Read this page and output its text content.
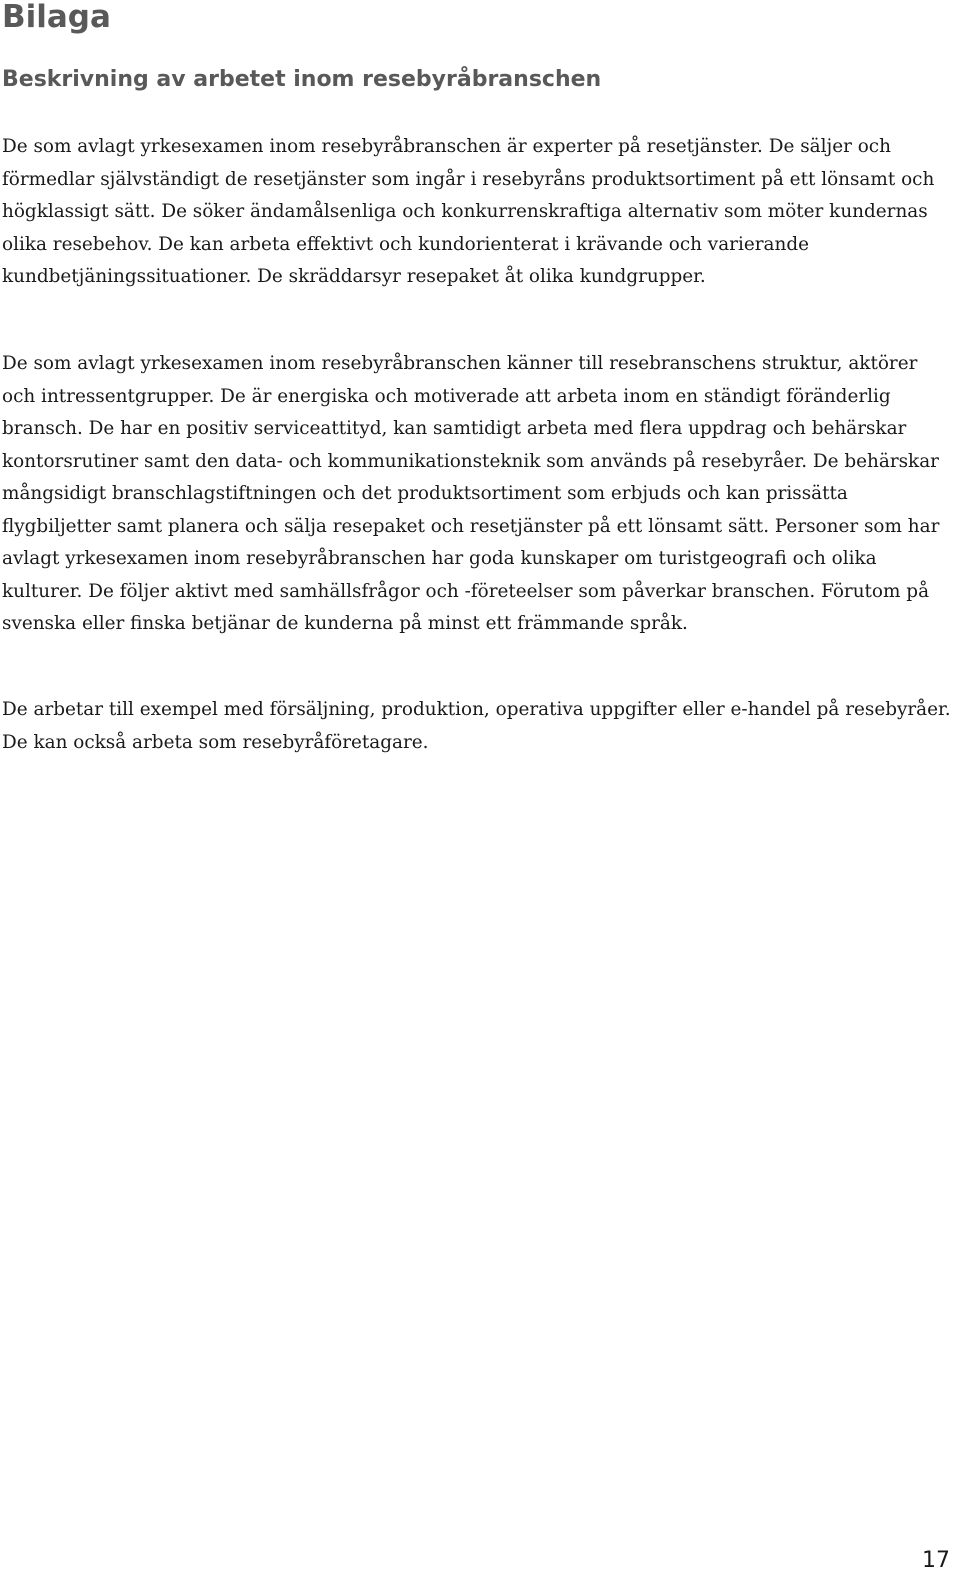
Bilaga
Beskrivning av arbetet inom resebyråbranschen

De som avlagt yrkesexamen inom resebyråbranschen är experter på resetjänster. De säljer och förmedlar självständigt de resetjänster som ingår i resebyråns produktsortiment på ett lönsamt och högklassigt sätt. De söker ändamålsenliga och konkurrenskraftiga alternativ som möter kundernas olika resebehov. De kan arbeta effektivt och kundorienterat i krävande och varierande kundbetjäningssituationer. De skräddarsyr resepaket åt olika kundgrupper.

De som avlagt yrkesexamen inom resebyråbranschen känner till resebranschens struktur, aktörer och intressentgrupper. De är energiska och motiverade att arbeta inom en ständigt föränderlig bransch. De har en positiv serviceattityd, kan samtidigt arbeta med flera uppdrag och behärskar kontorsrutiner samt den data- och kommunikationsteknik som används på resebyråer. De behärskar mångsidigt branschlagstiftningen och det produktsortiment som erbjuds och kan prissätta flygbiljetter samt planera och sälja resepaket och resetjänster på ett lönsamt sätt. Personer som har avlagt yrkesexamen inom resebyråbranschen har goda kunskaper om turistgeografi och olika kulturer. De följer aktivt med samhällsfrågor och -företeelser som påverkar branschen. Förutom på svenska eller finska betjänar de kunderna på minst ett främmande språk.

De arbetar till exempel med försäljning, produktion, operativa uppgifter eller e-handel på resebyråer. De kan också arbeta som resebyråföretagare.

17
